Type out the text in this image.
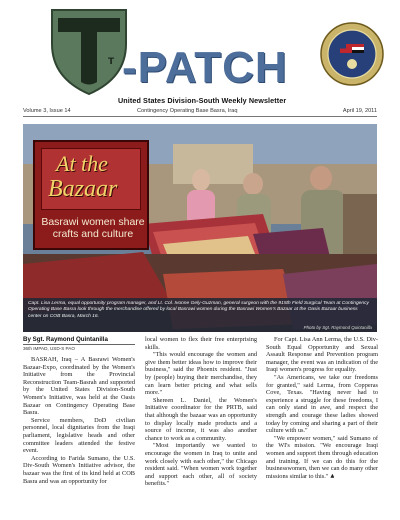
T -PATCH
United States Division-South Weekly Newsletter
Volume 3, Issue 14	Contingency Operating Base Basra, Iraq	April 19, 2011
At the
Bazaar
Basrawi women share crafts and culture
Capt. Lisa Lerma, equal opportunity program manager, and Lt. Col. Ivonne Gely-Guzman, general surgeon with the 915th Field Surgical Team at Contingency Operating Base Basra look through the merchandise offered by local Basrawi women during the Basrawi Women's Bazaar at the Oasis Bazaar business center on COB Basra, March 16.
Photo by Sgt. Raymond Quintanilla
By Sgt. Raymond Quintanilla
36th IMPAD, USD-S PAO

BASRAH, Iraq – A Basrawi Women's Bazaar-Expo, coordinated by the Women's Initiative from the Provincial Reconstruction Team-Basrah and supported by the United States Division-South Women's Initiative, was held at the Oasis Bazaar on Contingency Operating Base Basra.

Service members, DoD civilian personnel, local dignitaries from the Iraqi parliament, legislative heads and other committee leaders attended the festive event.

According to Farida Sumano, the U.S. Div-South Women's Initiative advisor, the bazaar was the first of its kind held at COB Basra and was an opportunity for

local women to flex their free enterprising skills.

"This would encourage the women and give them better ideas how to improve their business," said the Phoenix resident. "Just by (people) buying their merchandise, they can learn better pricing and what sells more."

Shereen L. Daniel, the Women's Initiative coordinator for the PRTB, said that although the bazaar was an opportunity to display locally made products and a source of income, it was also another chance to work as a community.

"Most importantly we wanted to encourage the women in Iraq to unite and work closely with each other," the Chicago resident said. "When women work together and support each other, all of society benefits."

For Capt. Lisa Ann Lerma, the U.S. Div-South Equal Opportunity and Sexual Assault Response and Prevention program manager, the event was an indication of the Iraqi women's progress for equality.

"As Americans, we take our freedoms for granted," said Lerma, from Copperas Cove, Texas. "Having never had to experience a struggle for these freedoms, I can only stand in awe, and respect the strength and courage these ladies showed today by coming and sharing a part of their culture with us."

"We empower women," said Sumano of the WI's mission. "We encourage Iraqi women and support them through education and training. If we can do this for the businesswomen, then we can do many other missions similar to this."
